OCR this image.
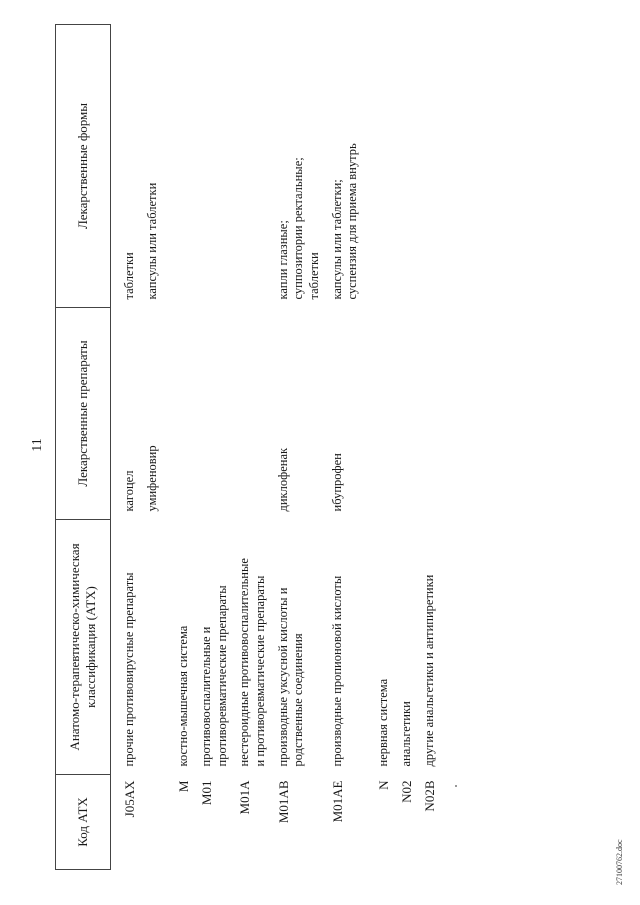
11
Код АТХ	Анатомо-терапевтическо-химическая
классификация (АТХ)	Лекарственные препараты	Лекарственные формы

J05AX	прочие противовирусные препараты	кагоцел	таблетки
		умифеновир	капсулы или таблетки

M	костно-мышечная система		
M01	противовоспалительные и
противоревматические препараты		
M01A	нестероидные противовоспалительные
и противоревматические препараты		
M01AB	производные уксусной кислоты и
родственные соединения	диклофенак	капли глазные;
суппозитории ректальные;
таблетки
M01AE	производные пропионовой кислоты	ибупрофен	капсулы или таблетки;
суспензия для приема внутрь

N	нервная система		
N02	анальгетики		
N02B	другие анальгетики и антипиретики		
27100762.doc
